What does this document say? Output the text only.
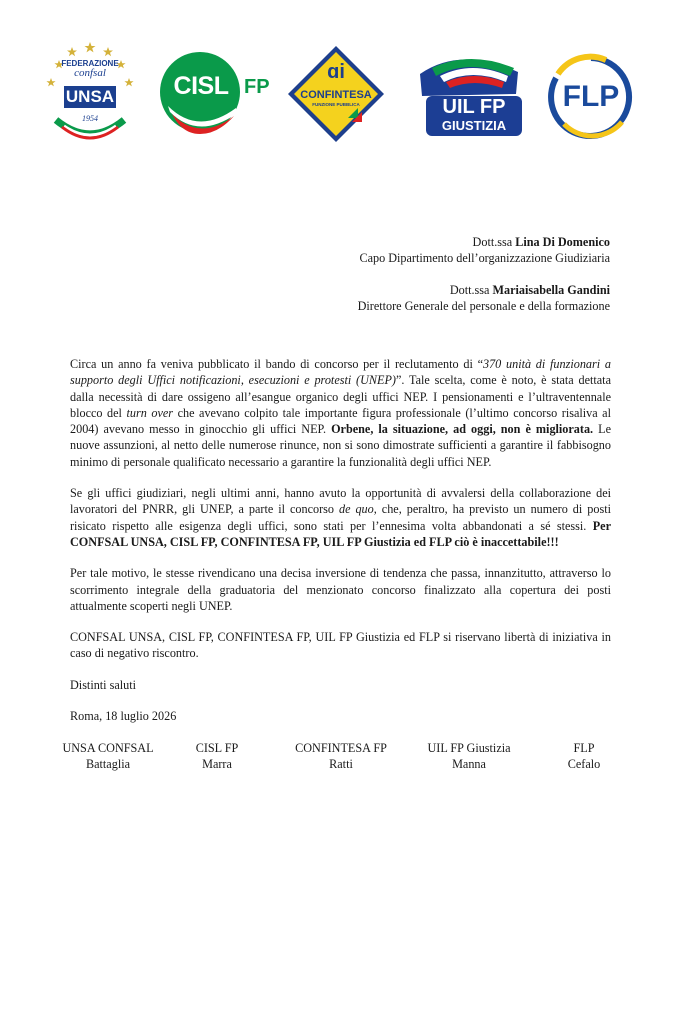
FEDERAZIONE
confsal
UNSA
1954
CISL FP
ɑi
CONFINTESA
FUNZIONE PUBBLICA	UIL FP
GIUSTIZIA
FLP
Dott.ssa Lina Di Domenico
Capo Dipartimento dell’organizzazione Giudiziaria
Dott.ssa Mariaisabella Gandini
Direttore Generale del personale e della formazione

Circa un anno fa veniva pubblicato il bando di concorso per il reclutamento di “370 unità di funzionari a supporto degli Uffici notificazioni, esecuzioni e protesti (UNEP)”. Tale scelta, come è noto, è stata dettata dalla necessità di dare ossigeno all’esangue organico degli uffici NEP. I pensionamenti e l’ultraventennale blocco del turn over che avevano colpito tale importante figura professionale (l’ultimo concorso risaliva al 2004) avevano messo in ginocchio gli uffici NEP. Orbene, la situazione, ad oggi, non è migliorata. Le nuove assunzioni, al netto delle numerose rinunce, non si sono dimostrate sufficienti a garantire il fabbisogno minimo di personale qualificato necessario a garantire la funzionalità degli uffici NEP.

Se gli uffici giudiziari, negli ultimi anni, hanno avuto la opportunità di avvalersi della collaborazione dei lavoratori del PNRR, gli UNEP, a parte il concorso de quo, che, peraltro, ha previsto un numero di posti risicato rispetto alle esigenza degli uffici, sono stati per l’ennesima volta abbandonati a sé stessi. Per CONFSAL UNSA, CISL FP, CONFINTESA FP, UIL FP Giustizia ed FLP ciò è inaccettabile!!!

Per tale motivo, le stesse rivendicano una decisa inversione di tendenza che passa, innanzitutto, attraverso lo scorrimento integrale della graduatoria del menzionato concorso finalizzato alla copertura dei posti attualmente scoperti negli UNEP.

CONFSAL UNSA, CISL FP, CONFINTESA FP, UIL FP Giustizia ed FLP si riservano libertà di iniziativa in caso di negativo riscontro.

Distinti saluti

Roma, 18 luglio 2026

UNSA CONFSAL
Battaglia
CISL FP
Marra
CONFINTESA FP
Ratti
UIL FP Giustizia
Manna
FLP
Cefalo
